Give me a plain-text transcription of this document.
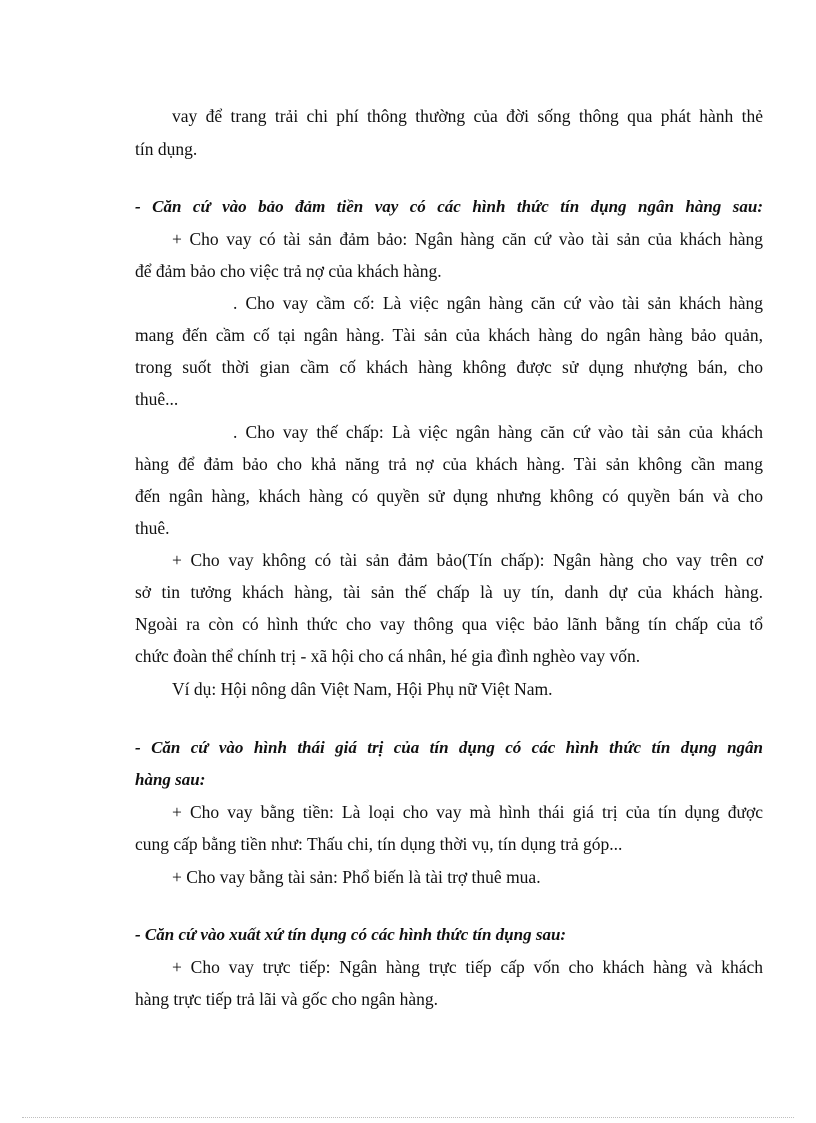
vay để trang trải chi phí thông thường của đời sống thông qua phát hành thẻ
tín dụng.
- Căn cứ vào bảo đảm tiền vay có các hình thức tín dụng ngân hàng sau:
+ Cho vay có tài sản đảm bảo: Ngân hàng căn cứ vào tài sản của khách hàng
để đảm bảo cho việc trả nợ của khách hàng.
. Cho vay cầm cố: Là việc ngân hàng căn cứ vào tài sản khách hàng
mang đến cầm cố tại ngân hàng. Tài sản của khách hàng do ngân hàng bảo quản,
trong suốt thời gian cầm cố khách hàng không được sử dụng nhượng bán, cho
thuê...
. Cho vay thế chấp: Là việc ngân hàng căn cứ vào tài sản của khách
hàng để đảm bảo cho khả năng trả nợ của khách hàng. Tài sản không cần mang
đến ngân hàng, khách hàng có quyền sử dụng nhưng không có quyền bán và cho
thuê.
+ Cho vay không có tài sản đảm bảo(Tín chấp): Ngân hàng cho vay trên cơ
sở tin tưởng khách hàng, tài sản thế chấp là uy tín, danh dự của khách hàng.
Ngoài ra còn có hình thức cho vay thông qua việc bảo lãnh bằng tín chấp của tổ
chức đoàn thể chính trị - xã hội cho cá nhân, hé gia đình nghèo vay vốn.
Ví dụ: Hội nông dân Việt Nam, Hội Phụ nữ Việt Nam.
- Căn cứ vào hình thái giá trị của tín dụng có các hình thức tín dụng ngân
hàng sau:
+ Cho vay bằng tiền: Là loại cho vay mà hình thái giá trị của tín dụng được
cung cấp bằng tiền như: Thấu chi, tín dụng thời vụ, tín dụng trả góp...
+ Cho vay bằng tài sản: Phổ biến là tài trợ thuê mua.
- Căn cứ vào xuất xứ tín dụng có các hình thức tín dụng sau:
+ Cho vay trực tiếp: Ngân hàng trực tiếp cấp vốn cho khách hàng và khách
hàng trực tiếp trả lãi và gốc cho ngân hàng.
